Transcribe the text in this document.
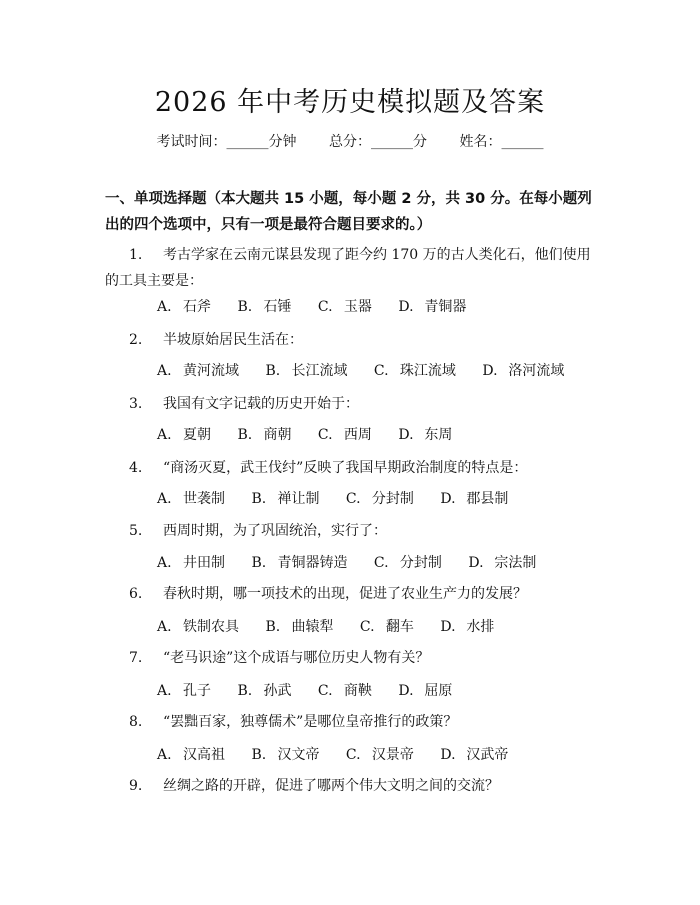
2026 年中考历史模拟题及答案
考试时间：______分钟 总分：______分 姓名：______
一、单项选择题（本大题共 15 小题，每小题 2 分，共 30 分。在每小题列出的四个选项中，只有一项是最符合题目要求的。）
1. 考古学家在云南元谋县发现了距今约 170 万的古人类化石，他们使用的工具主要是：
A. 石斧 B. 石锤 C. 玉器 D. 青铜器
2. 半坡原始居民生活在：
A. 黄河流域 B. 长江流域 C. 珠江流域 D. 洛河流域
3. 我国有文字记载的历史开始于：
A. 夏朝 B. 商朝 C. 西周 D. 东周
4. “商汤灭夏，武王伐纣”反映了我国早期政治制度的特点是：
A. 世袭制 B. 禅让制 C. 分封制 D. 郡县制
5. 西周时期，为了巩固统治，实行了：
A. 井田制 B. 青铜器铸造 C. 分封制 D. 宗法制
6. 春秋时期，哪一项技术的出现，促进了农业生产力的发展？
A. 铁制农具 B. 曲辕犁 C. 翻车 D. 水排
7. “老马识途”这个成语与哪位历史人物有关？
A. 孔子 B. 孙武 C. 商鞅 D. 屈原
8. “罢黜百家，独尊儒术”是哪位皇帝推行的政策？
A. 汉高祖 B. 汉文帝 C. 汉景帝 D. 汉武帝
9. 丝绸之路的开辟，促进了哪两个伟大文明之间的交流？
